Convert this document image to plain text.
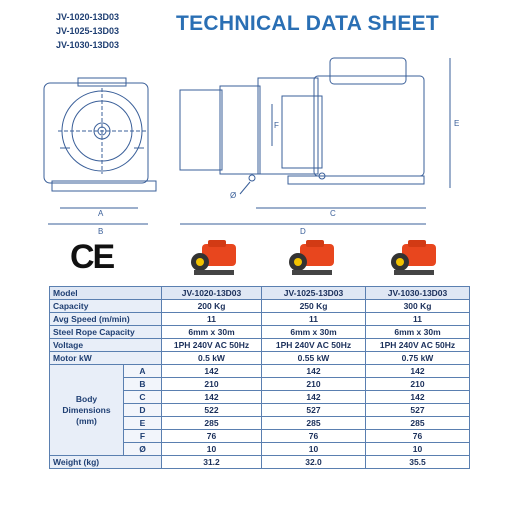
JV-1020-13D03
JV-1025-13D03
JV-1030-13D03
TECHNICAL DATA SHEET
A
B
C
D
E
F
Ø
CE
Model		JV-1020-13D03	JV-1025-13D03	JV-1030-13D03
Capacity		200 Kg	250 Kg	300 Kg
Avg Speed (m/min)		11	11	11
Steel Rope Capacity		6mm x 30m	6mm x 30m	6mm x 30m
Voltage		1PH 240V AC 50Hz	1PH 240V AC 50Hz	1PH 240V AC 50Hz
Motor kW		0.5 kW	0.55 kW	0.75 kW
Body Dimensions (mm)	A	142	142	142
	B	210	210	210
	C	142	142	142
	D	522	527	527
	E	285	285	285
	F	76	76	76
	Ø	10	10	10
Weight (kg)		31.2	32.0	35.5
